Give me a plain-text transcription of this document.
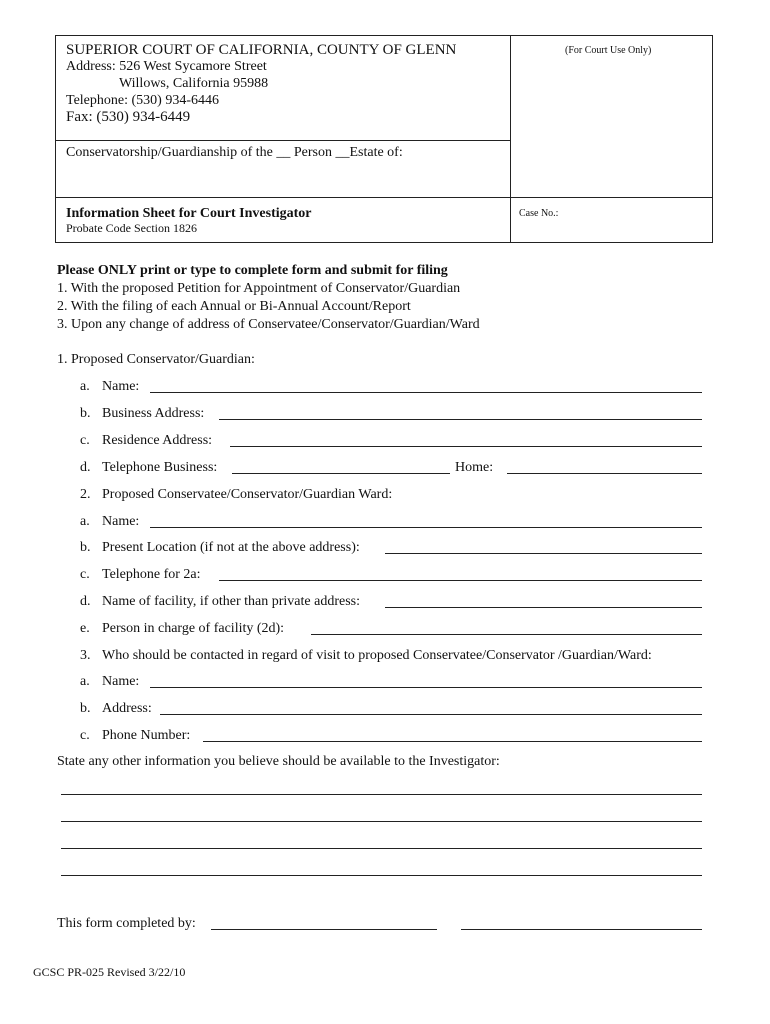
SUPERIOR COURT OF CALIFORNIA, COUNTY OF GLENN
Address: 526 West Sycamore Street
Willows, California 95988
Telephone: (530) 934-6446
Fax: (530) 934-6449
(For Court Use Only)
Conservatorship/Guardianship of the __ Person __Estate of:
Information Sheet for Court Investigator
Probate Code Section 1826
Case No.:
Please ONLY print or type to complete form and submit for filing
1. With the proposed Petition for Appointment of Conservator/Guardian
2. With the filing of each Annual or Bi-Annual Account/Report
3. Upon any change of address of Conservatee/Conservator/Guardian/Ward
1. Proposed Conservator/Guardian:
a. Name:
b. Business Address:
c. Residence Address:
d. Telephone Business:	Home:
2. Proposed Conservatee/Conservator/Guardian Ward:
a. Name:
b. Present Location (if not at the above address):
c. Telephone for 2a:
d. Name of facility, if other than private address:
e. Person in charge of facility (2d):
3. Who should be contacted in regard of visit to proposed Conservatee/Conservator /Guardian/Ward:
a. Name:
b. Address:
c. Phone Number:
State any other information you believe should be available to the Investigator:
This form completed by:
GCSC PR-025 Revised 3/22/10
